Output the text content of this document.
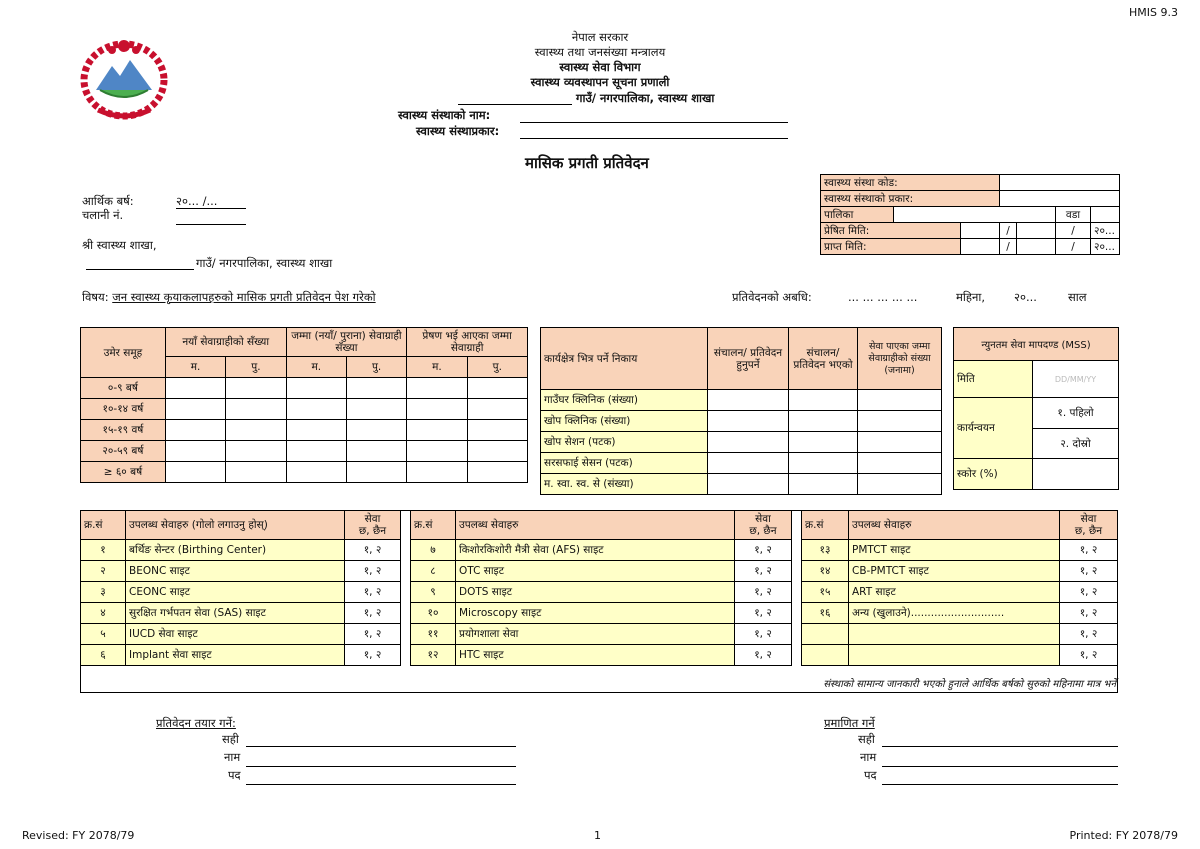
HMIS 9.3
नेपाल सरकार
स्वास्थ्य तथा जनसंख्या मन्त्रालय
स्वास्थ्य सेवा विभाग
स्वास्थ्य व्यवस्थापन सूचना प्रणाली
गाउँ/ नगरपालिका, स्वास्थ्य शाखा
स्वास्थ्य संस्थाको नाम:
स्वास्थ्य संस्थाप्रकार:
मासिक प्रगती प्रतिवेदन
आर्थिक बर्ष:	२०... /...
चलानी नं.
श्री स्वास्थ्य शाखा,
गाउँ/ नगरपालिका, स्वास्थ्य शाखा
स्वास्थ्य संस्था कोड:						
स्वास्थ्य संस्थाको प्रकार:						
पालिका					वडा	
प्रेषित मिति:			/		/	२०...
प्राप्त मिति:			/		/	२०...
विषय: जन स्वास्थ्य कृयाकलापहरुको मासिक प्रगती प्रतिवेदन पेश गरेको	प्रतिवेदनको अबधि:	... ... ... ... ...	महिना,	२०...	साल
उमेर समूह	नयाँ सेवाग्राहीको सँख्या		जम्मा (नयाँ/ पुराना) सेवाग्राही सँख्या		प्रेषण भई आएका जम्मा सेवाग्राही	
	म.	पु.	म.	पु.	म.	पु.
०-९ बर्ष						
१०-१४ वर्ष						
१५-१९ वर्ष						
२०-५९ बर्ष						
≥ ६० बर्ष						
कार्यक्षेत्र भित्र पर्ने निकाय	संचालन/ प्रतिवेदन हुनुपर्ने	संचालन/ प्रतिवेदन भएको	सेवा पाएका जम्मा सेवाग्राहीको संख्या (जनामा)
गाउँघर क्लिनिक (संख्या)			
खोप क्लिनिक (संख्या)			
खोप सेशन (पटक)			
सरसफाई सेसन (पटक)			
म. स्वा. स्व. से (संख्या)			
न्युनतम सेवा मापदण्ड (MSS)	
मिति	DD/MM/YY
कार्यन्वयन	१. पहिलो
	२. दोस्रो
स्कोर (%)	
क्र.सं	उपलब्ध सेवाहरु (गोलो लगाउनु होस्)	सेवा
छ, छैन

१	बर्थिङ सेन्टर (Birthing Center)	१, २
२	BEONC साइट	१, २
३	CEONC साइट	१, २
४	सुरक्षित गर्भपतन सेवा (SAS) साइट	१, २
५	IUCD सेवा साइट	१, २
६	Implant सेवा साइट	१, २
क्र.सं	उपलब्ध सेवाहरु	सेवा
छ, छैन

७	किशोरकिशोरी मैत्री सेवा (AFS) साइट	१, २
८	OTC साइट	१, २
९	DOTS साइट	१, २
१०	Microscopy साइट	१, २
११	प्रयोगशाला सेवा	१, २
१२	HTC साइट	१, २
क्र.सं	उपलब्ध सेवाहरु	सेवा
छ, छैन

१३	PMTCT साइट	१, २
१४	CB-PMTCT साइट	१, २
१५	ART साइट	१, २
१६	अन्य (खुलाउने)............................	१, २
		१, २
		१, २
संस्थाको सामान्य जानकारी भएको हुनाले आर्थिक बर्षको सुरुको महिनामा मात्र भर्ने
प्रतिवेदन तयार गर्ने:
सही
नाम
पद
प्रमाणित गर्ने
सही
नाम
पद
Revised: FY 2078/79	1	Printed: FY 2078/79
